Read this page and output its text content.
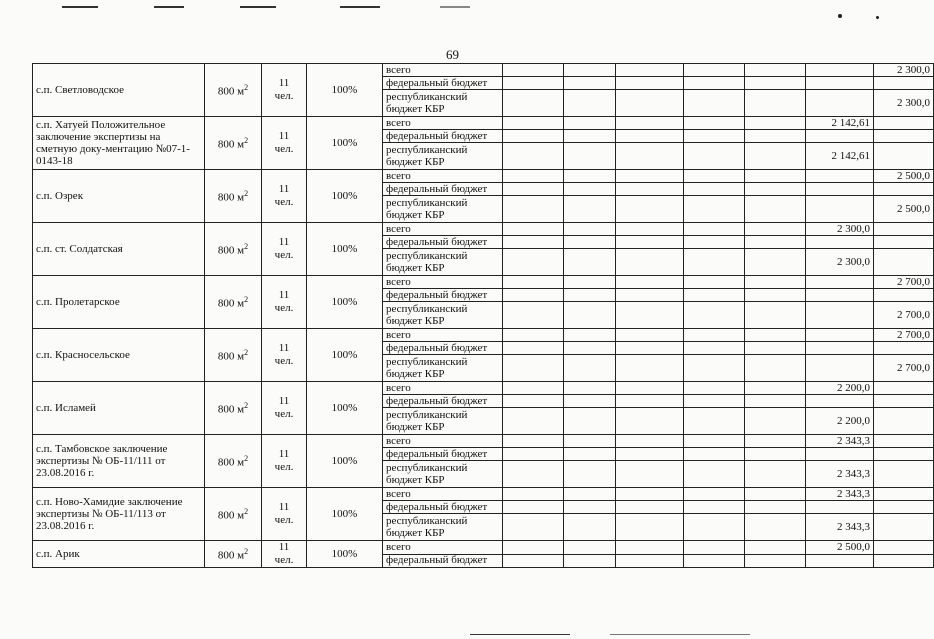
69
с.п. Светловодское	800 $м^2$	11 чел.	100%	всего							2 300,0
				федеральный бюджет							
				республиканский бюджет КБР							2 300,0
с.п. Хатуей Положительное заключение экспертизы на сметную доку-ментацию №07-1-0143-18	800 $м^2$	11 чел.	100%	всего						2 142,61	
				федеральный бюджет							
				республиканский бюджет КБР						2 142,61	
с.п. Озрек	800 $м^2$	11 чел.	100%	всего							2 500,0
				федеральный бюджет							
				республиканский бюджет КБР							2 500,0
с.п. ст. Солдатская	800 $м^2$	11 чел.	100%	всего						2 300,0	
				федеральный бюджет							
				республиканский бюджет КБР						2 300,0	
с.п. Пролетарское	800 $м^2$	11 чел.	100%	всего							2 700,0
				федеральный бюджет							
				республиканский бюджет КБР							2 700,0
с.п. Красносельское	800 $м^2$	11 чел.	100%	всего							2 700,0
				федеральный бюджет							
				республиканский бюджет КБР							2 700,0
с.п. Исламей	800 $м^2$	11 чел.	100%	всего						2 200,0	
				федеральный бюджет							
				республиканский бюджет КБР						2 200,0	
с.п. Тамбовское заключение экспертизы № ОБ-11/111 от 23.08.2016 г.	800 $м^2$	11 чел.	100%	всего						2 343,3	
				федеральный бюджет							
				республиканский бюджет КБР						2 343,3	
с.п. Ново-Хамидие заключение экспертизы № ОБ-11/113 от 23.08.2016 г.	800 $м^2$	11 чел.	100%	всего						2 343,3	
				федеральный бюджет							
				республиканский бюджет КБР						2 343,3	
с.п. Арик	800 $м^2$	11 чел.	100%	всего						2 500,0	
				федеральный бюджет							
